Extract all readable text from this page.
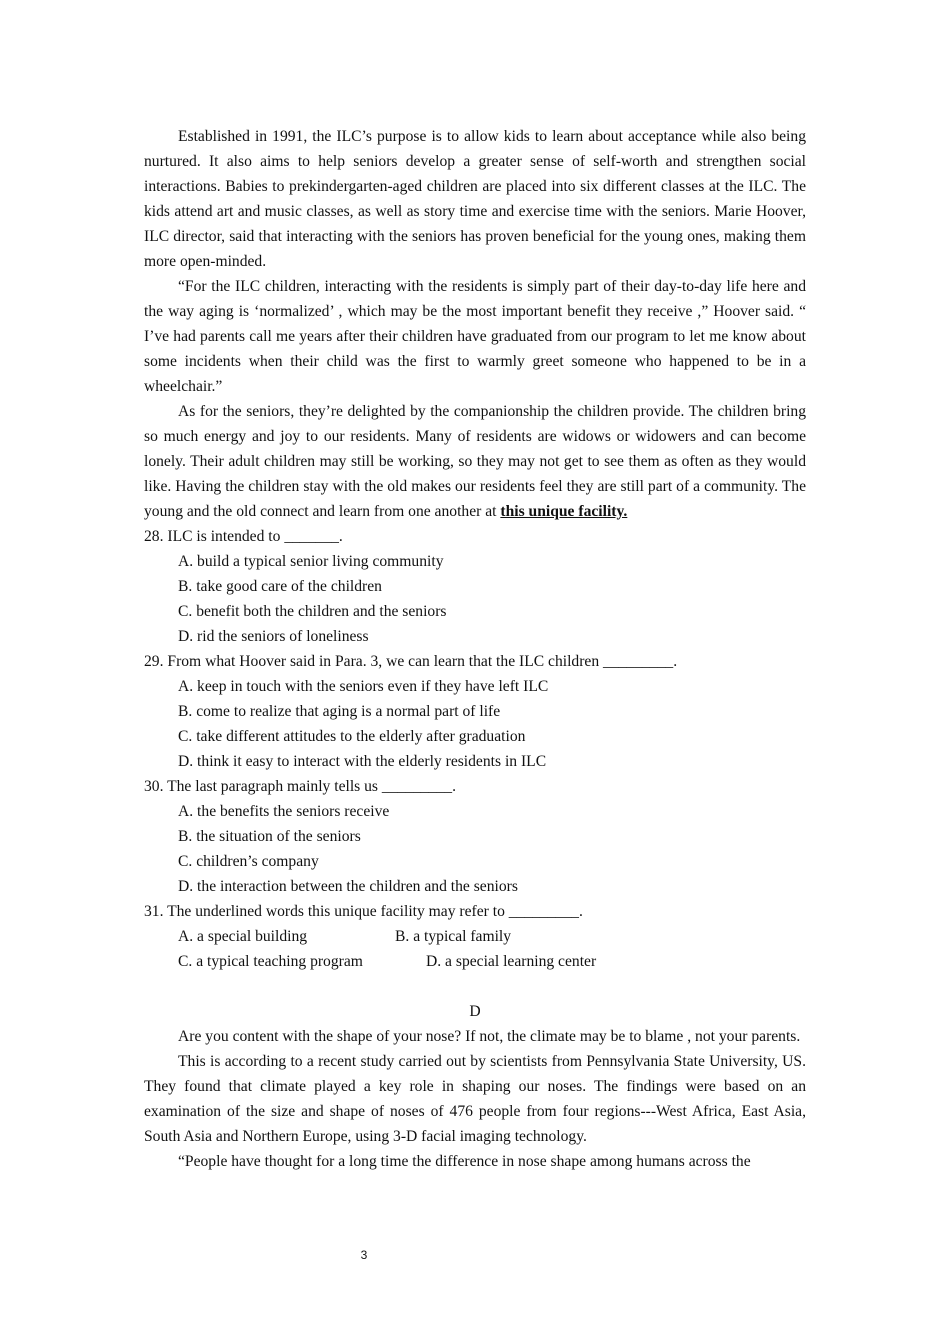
Established in 1991, the ILC’s purpose is to allow kids to learn about acceptance while also being nurtured. It also aims to help seniors develop a greater sense of self-worth and strengthen social interactions. Babies to prekindergarten-aged children are placed into six different classes at the ILC. The kids attend art and music classes, as well as story time and exercise time with the seniors. Marie Hoover, ILC director, said that interacting with the seniors has proven beneficial for the young ones, making them more open-minded.

“For the ILC children, interacting with the residents is simply part of their day-to-day life here and the way aging is ‘normalized’ , which may be the most important benefit they receive ,” Hoover said. “ I’ve had parents call me years after their children have graduated from our program to let me know about some incidents when their child was the first to warmly greet someone who happened to be in a wheelchair.”

As for the seniors, they’re delighted by the companionship the children provide. The children bring so much energy and joy to our residents. Many of residents are widows or widowers and can become lonely. Their adult children may still be working, so they may not get to see them as often as they would like. Having the children stay with the old makes our residents feel they are still part of a community. The young and the old connect and learn from one another at this unique facility.

28. ILC is intended to _______.

A. build a typical senior living community

B. take good care of the children

C. benefit both the children and the seniors

D. rid the seniors of loneliness

29. From what Hoover said in Para. 3, we can learn that the ILC children _________.

A. keep in touch with the seniors even if they have left ILC

B. come to realize that aging is a normal part of life

C. take different attitudes to the elderly after graduation

D. think it easy to interact with the elderly residents in ILC

30. The last paragraph mainly tells us _________.

A. the benefits the seniors receive

B. the situation of the seniors

C. children’s company

D. the interaction between the children and the seniors

31. The underlined words this unique facility may refer to _________.

A. a special building	B. a typical family
C. a typical teaching program	D. a special learning center

D

Are you content with the shape of your nose? If not, the climate may be to blame , not your parents.

This is according to a recent study carried out by scientists from Pennsylvania State University, US. They found that climate played a key role in shaping our noses. The findings were based on an examination of the size and shape of noses of 476 people from four regions---West Africa, East Asia, South Asia and Northern Europe, using 3-D facial imaging technology.

“People have thought for a long time the difference in nose shape among humans across the

3
